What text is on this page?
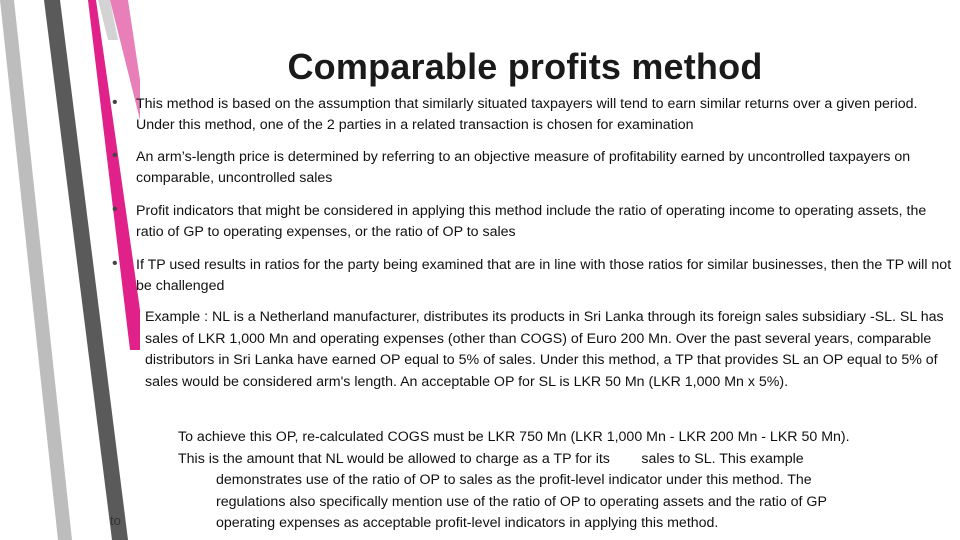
Comparable profits method
• This method is based on the assumption that similarly situated taxpayers will tend to earn similar returns over a given period. Under this method, one of the 2 parties in a related transaction is chosen for examination
• An arm’s-length price is determined by referring to an objective measure of profitability earned by uncontrolled taxpayers on comparable, uncontrolled sales
• Profit indicators that might be considered in applying this method include the ratio of operating income to operating assets, the ratio of GP to operating expenses, or the ratio of OP to sales
• If TP used results in ratios for the party being examined that are in line with those ratios for similar businesses, then the TP will not be challenged
Example : NL is a Netherland manufacturer, distributes its products in Sri Lanka through its foreign sales subsidiary -SL. SL has sales of LKR 1,000 Mn and operating expenses (other than COGS) of Euro 200 Mn. Over the past several years, comparable distributors in Sri Lanka have earned OP equal to 5% of sales. Under this method, a TP that provides SL an OP equal to 5% of sales would be considered arm's length. An acceptable OP for SL is LKR 50 Mn (LKR 1,000 Mn x 5%).
To achieve this OP, re-calculated COGS must be LKR 750 Mn (LKR 1,000 Mn - LKR 200 Mn - LKR 50 Mn).
This is the amount that NL would be allowed to charge as a TP for its        sales to SL. This example
demonstrates use of the ratio of OP to sales as the profit-level indicator under this method. The
regulations also specifically mention use of the ratio of OP to operating assets and the ratio of GP
operating expenses as acceptable profit-level indicators in applying this method.
to
